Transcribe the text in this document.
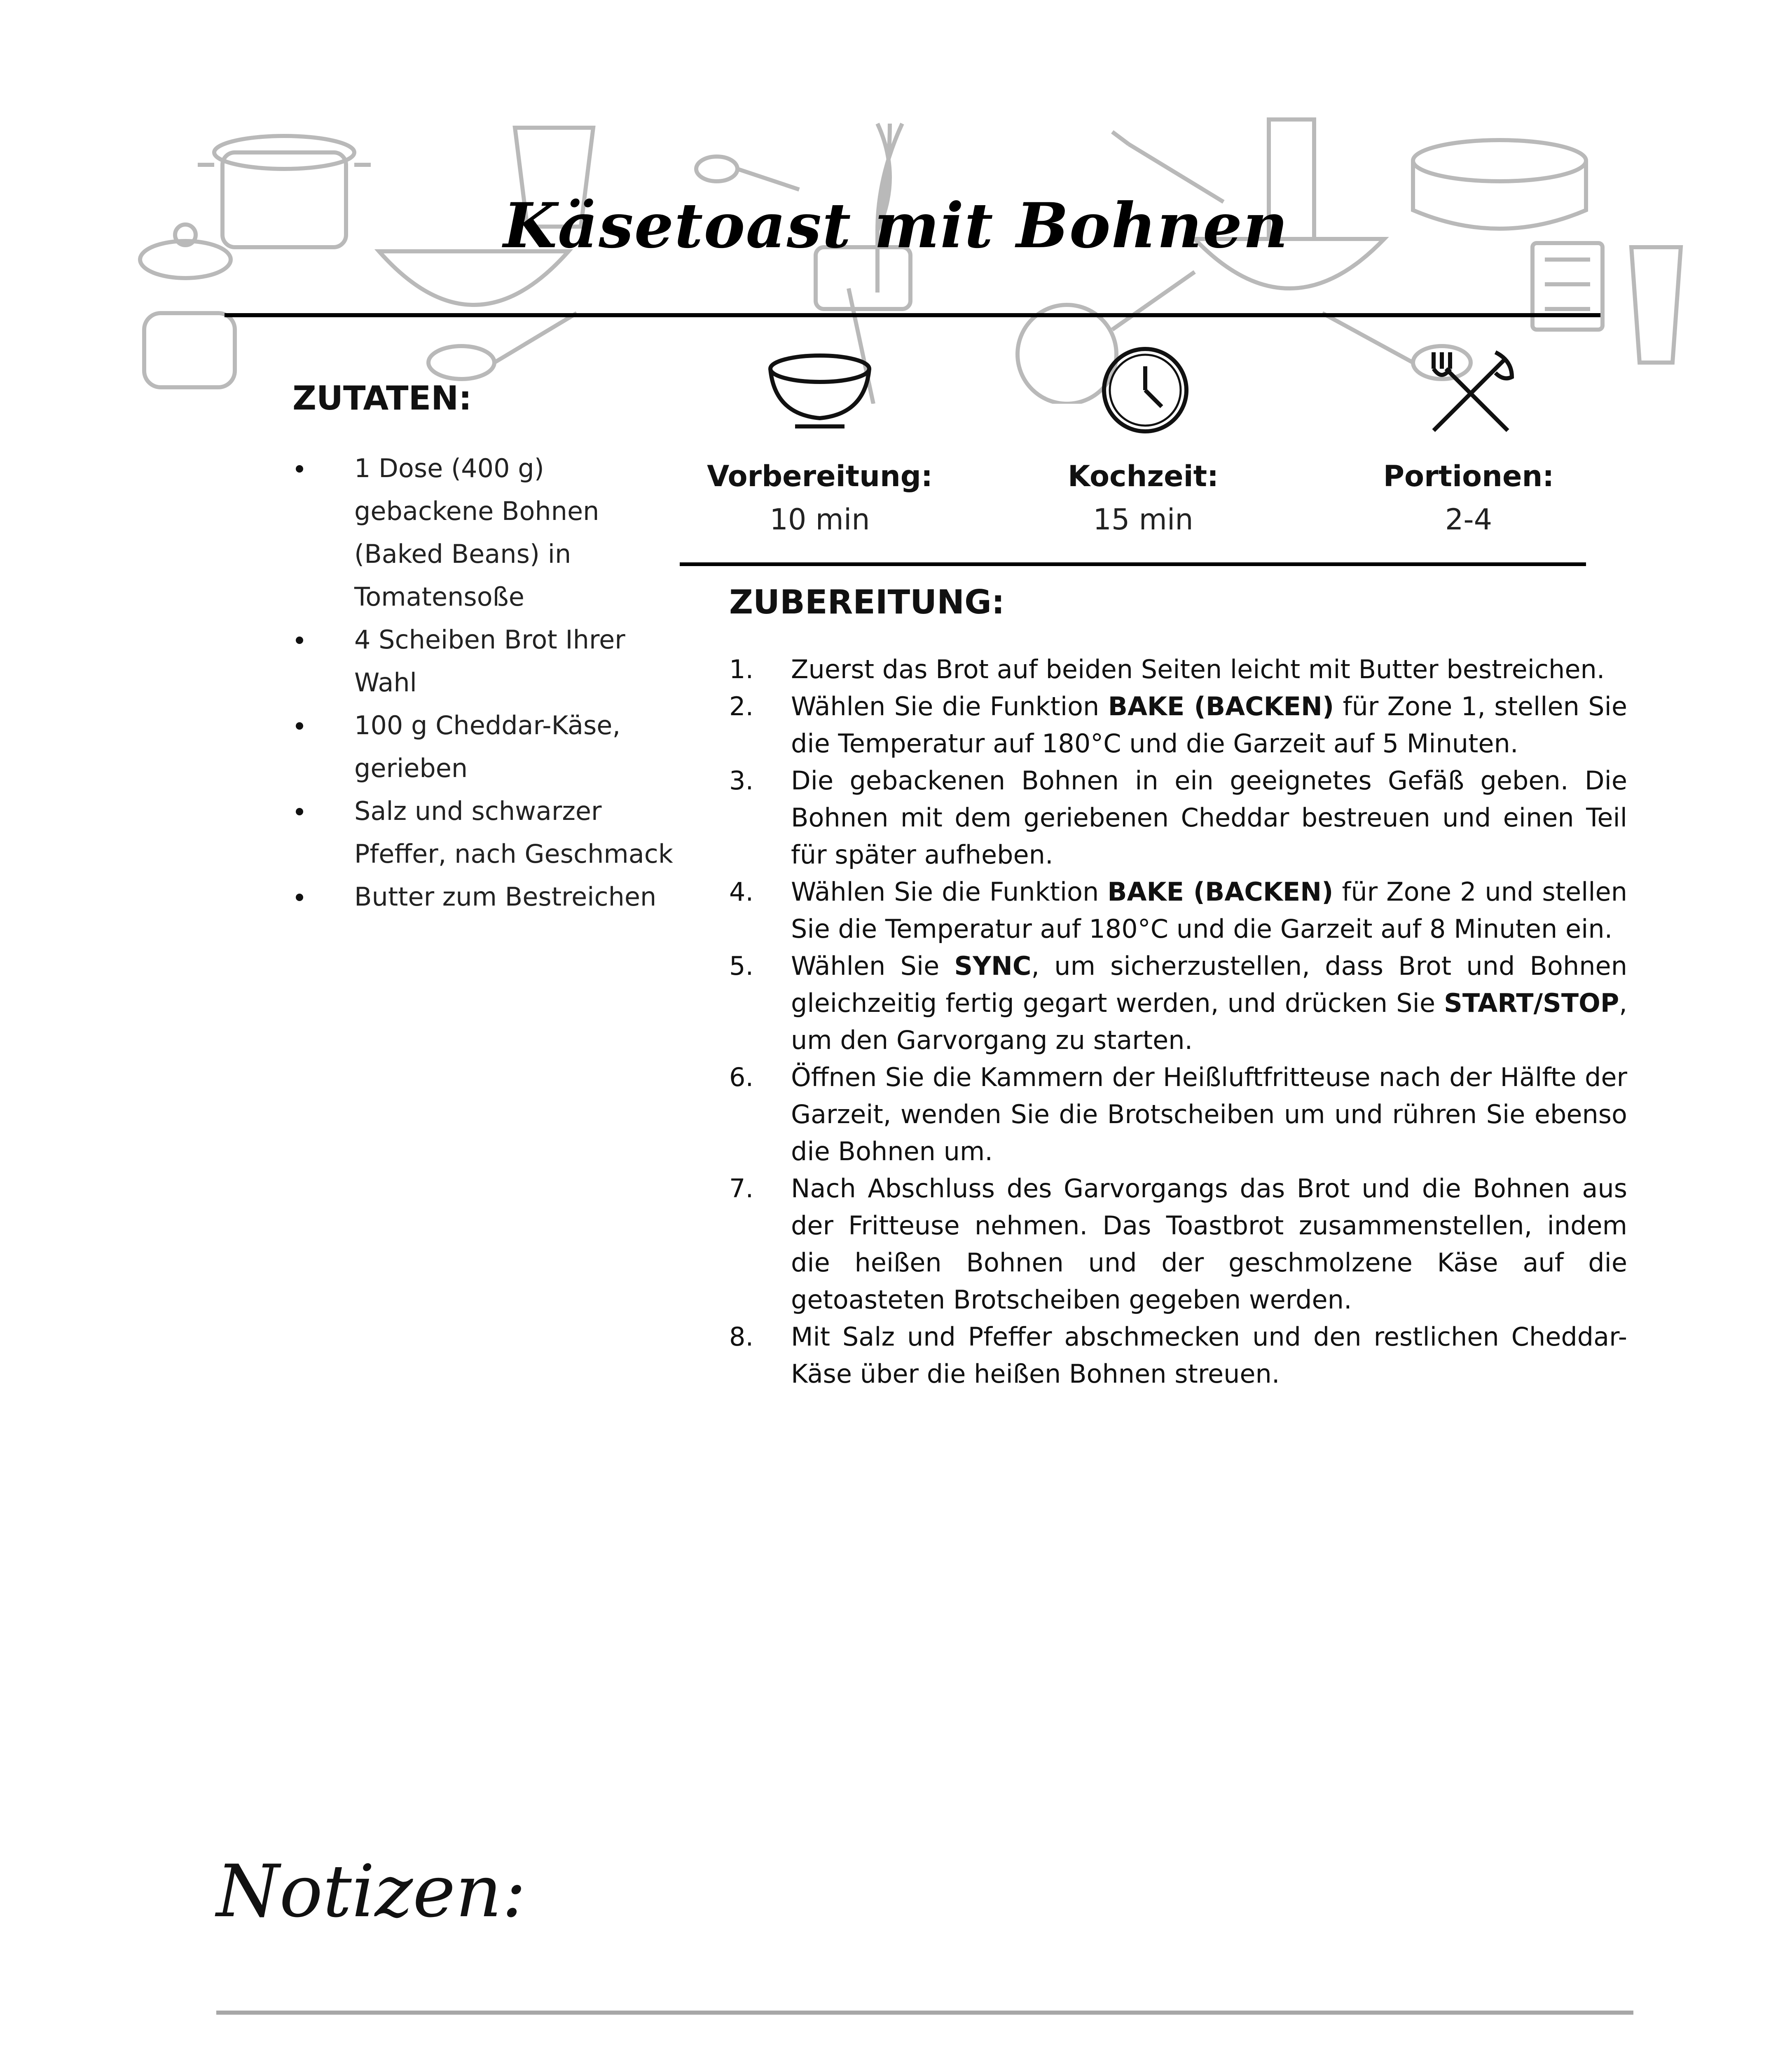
Käsetoast mit Bohnen
ZUTATEN:
1 Dose (400 g) gebackene Bohnen (Baked Beans) in Tomatensoße
4 Scheiben Brot Ihrer Wahl
100 g Cheddar-Käse, gerieben
Salz und schwarzer Pfeffer, nach Geschmack
Butter zum Bestreichen
Vorbereitung:
10 min
Kochzeit:
15 min
Portionen:
2-4
ZUBEREITUNG:
1. Zuerst das Brot auf beiden Seiten leicht mit Butter bestreichen.
2. Wählen Sie die Funktion BAKE (BACKEN) für Zone 1, stellen Sie die Temperatur auf 180°C und die Garzeit auf 5 Minuten.
3. Die gebackenen Bohnen in ein geeignetes Gefäß geben. Die Bohnen mit dem geriebenen Cheddar bestreuen und einen Teil für später aufheben.
4. Wählen Sie die Funktion BAKE (BACKEN) für Zone 2 und stellen Sie die Temperatur auf 180°C und die Garzeit auf 8 Minuten ein.
5. Wählen Sie SYNC, um sicherzustellen, dass Brot und Bohnen gleichzeitig fertig gegart werden, und drücken Sie START/STOP, um den Garvorgang zu starten.
6. Öffnen Sie die Kammern der Heißluftfritteuse nach der Hälfte der Garzeit, wenden Sie die Brotscheiben um und rühren Sie ebenso die Bohnen um.
7. Nach Abschluss des Garvorgangs das Brot und die Bohnen aus der Fritteuse nehmen. Das Toastbrot zusammenstellen, indem die heißen Bohnen und der geschmolzene Käse auf die getoasteten Brotscheiben gegeben werden.
8. Mit Salz und Pfeffer abschmecken und den restlichen Cheddar-Käse über die heißen Bohnen streuen.
Notizen:
